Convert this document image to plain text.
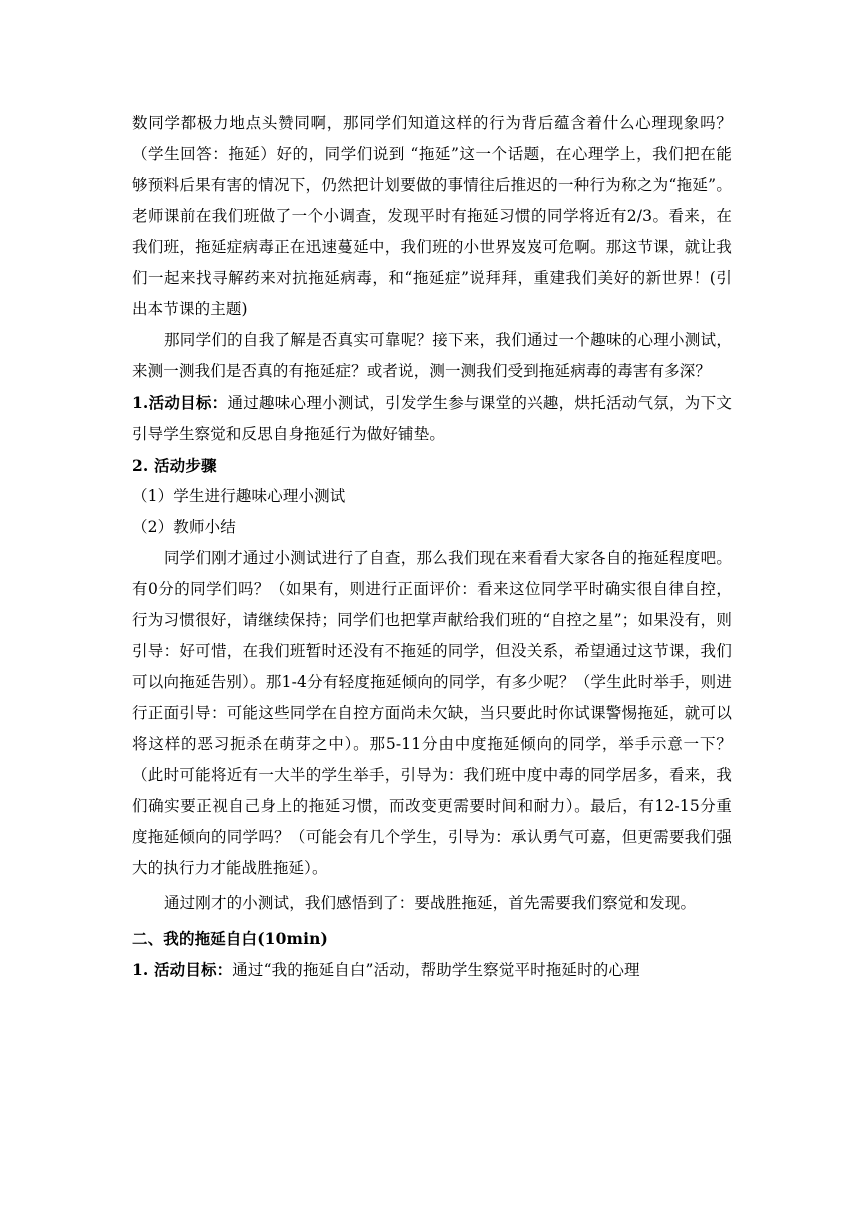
数同学都极力地点头赞同啊，那同学们知道这样的行为背后蕴含着什么心理现象吗？（学生回答：拖延）好的，同学们说到 “拖延”这一个话题，在心理学上，我们把在能够预料后果有害的情况下，仍然把计划要做的事情往后推迟的一种行为称之为“拖延”。老师课前在我们班做了一个小调查，发现平时有拖延习惯的同学将近有2/3。看来，在我们班，拖延症病毒正在迅速蔓延中，我们班的小世界岌岌可危啊。那这节课，就让我们一起来找寻解药来对抗拖延病毒，和“拖延症”说拜拜，重建我们美好的新世界！(引出本节课的主题)

那同学们的自我了解是否真实可靠呢？接下来，我们通过一个趣味的心理小测试，来测一测我们是否真的有拖延症？或者说，测一测我们受到拖延病毒的毒害有多深？

1.活动目标：通过趣味心理小测试，引发学生参与课堂的兴趣，烘托活动气氛，为下文引导学生察觉和反思自身拖延行为做好铺垫。

2. 活动步骤

（1）学生进行趣味心理小测试

（2）教师小结

同学们刚才通过小测试进行了自查，那么我们现在来看看大家各自的拖延程度吧。有0分的同学们吗？（如果有，则进行正面评价：看来这位同学平时确实很自律自控，行为习惯很好，请继续保持；同学们也把掌声献给我们班的“自控之星”；如果没有，则引导：好可惜，在我们班暂时还没有不拖延的同学，但没关系，希望通过这节课，我们可以向拖延告别）。那1-4分有轻度拖延倾向的同学，有多少呢？（学生此时举手，则进行正面引导：可能这些同学在自控方面尚未欠缺，当只要此时你试课警惕拖延，就可以将这样的恶习扼杀在萌芽之中）。那5-11分由中度拖延倾向的同学，举手示意一下？（此时可能将近有一大半的学生举手，引导为：我们班中度中毒的同学居多，看来，我们确实要正视自己身上的拖延习惯，而改变更需要时间和耐力）。最后，有12-15分重度拖延倾向的同学吗？（可能会有几个学生，引导为：承认勇气可嘉，但更需要我们强大的执行力才能战胜拖延）。

通过刚才的小测试，我们感悟到了：要战胜拖延，首先需要我们察觉和发现。

二、我的拖延自白(10min)

1. 活动目标：通过“我的拖延自白”活动，帮助学生察觉平时拖延时的心理
